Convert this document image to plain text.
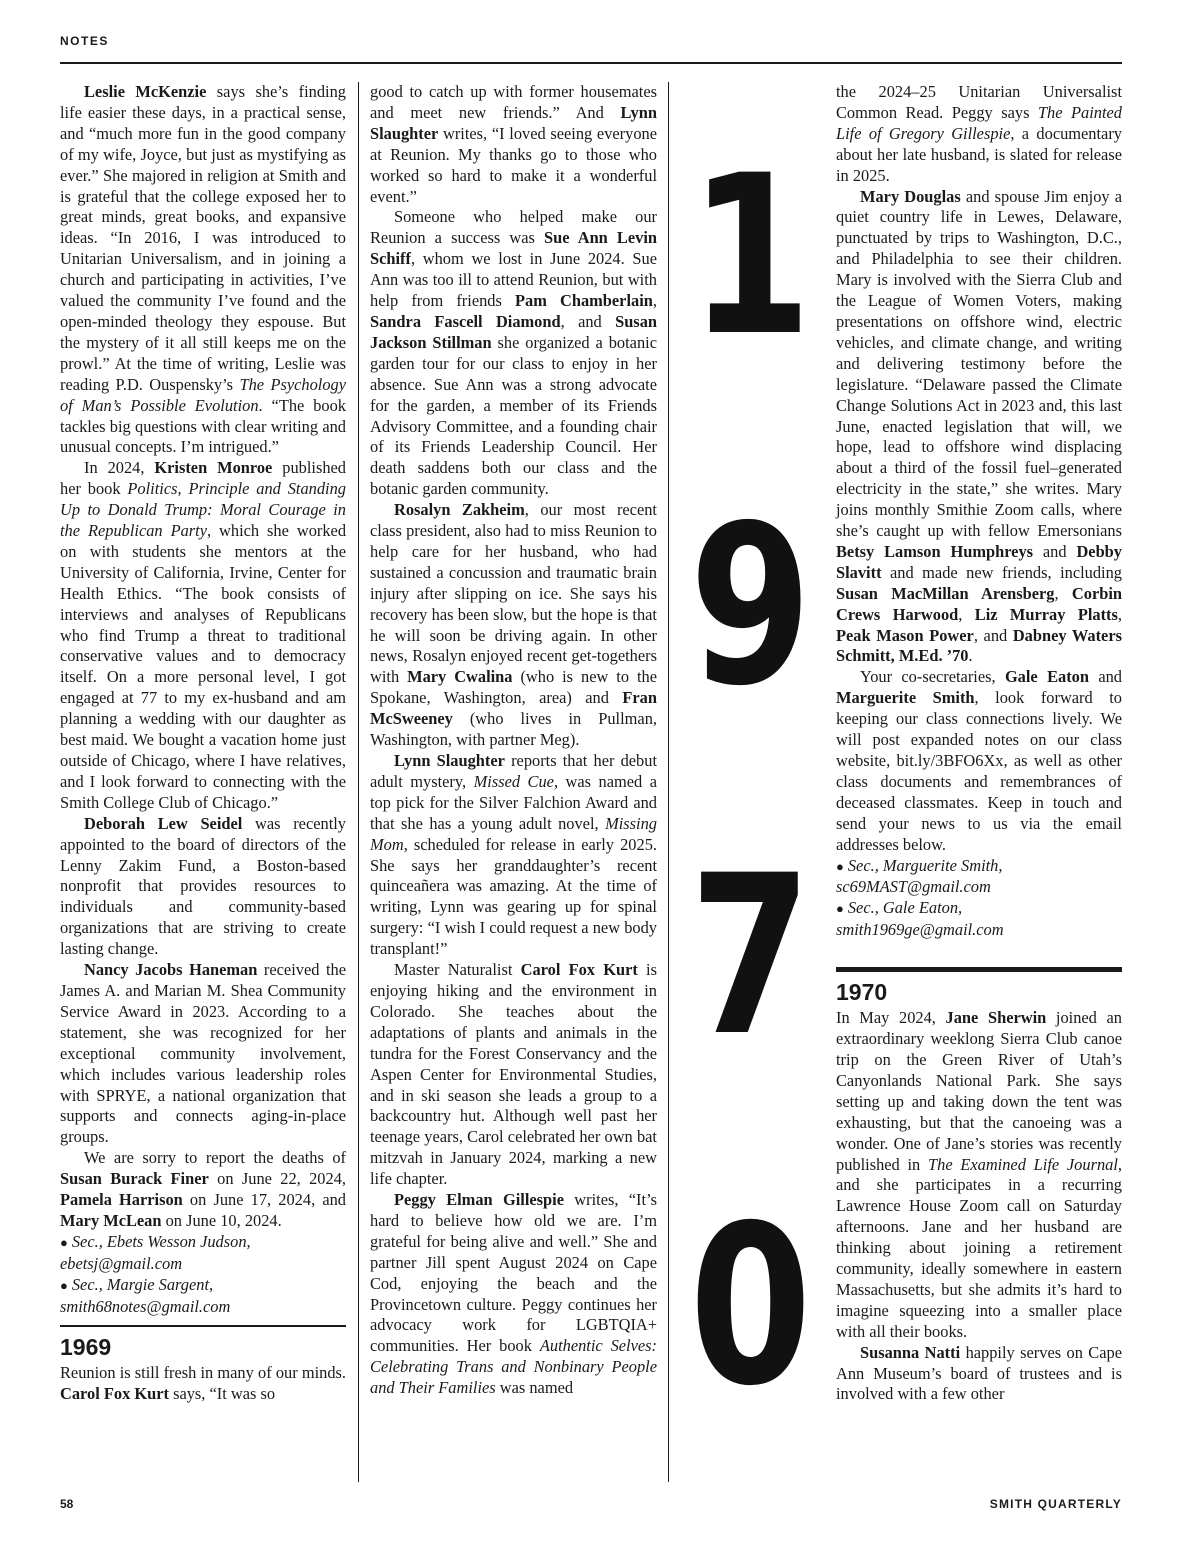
NOTES

Leslie McKenzie says she’s finding life easier these days, in a practical sense, and “much more fun in the good company of my wife, Joyce, but just as mystifying as ever.” She majored in religion at Smith and is grateful that the college exposed her to great minds, great books, and expansive ideas. “In 2016, I was introduced to Unitarian Universalism, and in joining a church and participating in activities, I’ve valued the community I’ve found and the open-minded theology they espouse. But the mystery of it all still keeps me on the prowl.” At the time of writing, Leslie was reading P.D. Ouspensky’s The Psychology of Man’s Possible Evolution. “The book tackles big questions with clear writing and unusual concepts. I’m intrigued.”

In 2024, Kristen Monroe published her book Politics, Principle and Standing Up to Donald Trump: Moral Courage in the Republican Party, which she worked on with students she mentors at the University of California, Irvine, Center for Health Ethics. “The book consists of interviews and analyses of Republicans who find Trump a threat to traditional conservative values and to democracy itself. On a more personal level, I got engaged at 77 to my ex-husband and am planning a wedding with our daughter as best maid. We bought a vacation home just outside of Chicago, where I have relatives, and I look forward to connecting with the Smith College Club of Chicago.”

Deborah Lew Seidel was recently appointed to the board of directors of the Lenny Zakim Fund, a Boston-based nonprofit that provides resources to individuals and community-based organizations that are striving to create lasting change.

Nancy Jacobs Haneman received the James A. and Marian M. Shea Community Service Award in 2023. According to a statement, she was recognized for her exceptional community involvement, which includes various leadership roles with SPRYE, a national organization that supports and connects aging-in-place groups.

We are sorry to report the deaths of Susan Burack Finer on June 22, 2024, Pamela Harrison on June 17, 2024, and Mary McLean on June 10, 2024.

● Sec., Ebets Wesson Judson, ebetsj@gmail.com

● Sec., Margie Sargent, smith68notes@gmail.com

1969

Reunion is still fresh in many of our minds. Carol Fox Kurt says, “It was so

good to catch up with former housemates and meet new friends.” And Lynn Slaughter writes, “I loved seeing everyone at Reunion. My thanks go to those who worked so hard to make it a wonderful event.”

Someone who helped make our Reunion a success was Sue Ann Levin Schiff, whom we lost in June 2024. Sue Ann was too ill to attend Reunion, but with help from friends Pam Chamberlain, Sandra Fascell Diamond, and Susan Jackson Stillman she organized a botanic garden tour for our class to enjoy in her absence. Sue Ann was a strong advocate for the garden, a member of its Friends Advisory Committee, and a founding chair of its Friends Leadership Council. Her death saddens both our class and the botanic garden community.

Rosalyn Zakheim, our most recent class president, also had to miss Reunion to help care for her husband, who had sustained a concussion and traumatic brain injury after slipping on ice. She says his recovery has been slow, but the hope is that he will soon be driving again. In other news, Rosalyn enjoyed recent get-togethers with Mary Cwalina (who is new to the Spokane, Washington, area) and Fran McSweeney (who lives in Pullman, Washington, with partner Meg).

Lynn Slaughter reports that her debut adult mystery, Missed Cue, was named a top pick for the Silver Falchion Award and that she has a young adult novel, Missing Mom, scheduled for release in early 2025. She says her granddaughter’s recent quinceañera was amazing. At the time of writing, Lynn was gearing up for spinal surgery: “I wish I could request a new body transplant!”

Master Naturalist Carol Fox Kurt is enjoying hiking and the environment in Colorado. She teaches about the adaptations of plants and animals in the tundra for the Forest Conservancy and the Aspen Center for Environmental Studies, and in ski season she leads a group to a backcountry hut. Although well past her teenage years, Carol celebrated her own bat mitzvah in January 2024, marking a new life chapter.

Peggy Elman Gillespie writes, “It’s hard to believe how old we are. I’m grateful for being alive and well.” She and partner Jill spent August 2024 on Cape Cod, enjoying the beach and the Provincetown culture. Peggy continues her advocacy work for LGBTQIA+ communities. Her book Authentic Selves: Celebrating Trans and Nonbinary People and Their Families was named

1
9
7
0

the 2024–25 Unitarian Universalist Common Read. Peggy says The Painted Life of Gregory Gillespie, a documentary about her late husband, is slated for release in 2025.

Mary Douglas and spouse Jim enjoy a quiet country life in Lewes, Delaware, punctuated by trips to Washington, D.C., and Philadelphia to see their children. Mary is involved with the Sierra Club and the League of Women Voters, making presentations on offshore wind, electric vehicles, and climate change, and writing and delivering testimony before the legislature. “Delaware passed the Climate Change Solutions Act in 2023 and, this last June, enacted legislation that will, we hope, lead to offshore wind displacing about a third of the fossil fuel–generated electricity in the state,” she writes. Mary joins monthly Smithie Zoom calls, where she’s caught up with fellow Emersonians Betsy Lamson Humphreys and Debby Slavitt and made new friends, including Susan MacMillan Arensberg, Corbin Crews Harwood, Liz Murray Platts, Peak Mason Power, and Dabney Waters Schmitt, M.Ed. ’70.

Your co-secretaries, Gale Eaton and Marguerite Smith, look forward to keeping our class connections lively. We will post expanded notes on our class website, bit.ly/3BFO6Xx, as well as other class documents and remembrances of deceased classmates. Keep in touch and send your news to us via the email addresses below.

● Sec., Marguerite Smith, sc69MAST@gmail.com

● Sec., Gale Eaton, smith1969ge@gmail.com

1970

In May 2024, Jane Sherwin joined an extraordinary weeklong Sierra Club canoe trip on the Green River of Utah’s Canyonlands National Park. She says setting up and taking down the tent was exhausting, but that the canoeing was a wonder. One of Jane’s stories was recently published in The Examined Life Journal, and she participates in a recurring Lawrence House Zoom call on Saturday afternoons. Jane and her husband are thinking about joining a retirement community, ideally somewhere in eastern Massachusetts, but she admits it’s hard to imagine squeezing into a smaller place with all their books.

Susanna Natti happily serves on Cape Ann Museum’s board of trustees and is involved with a few other

58	SMITH QUARTERLY
